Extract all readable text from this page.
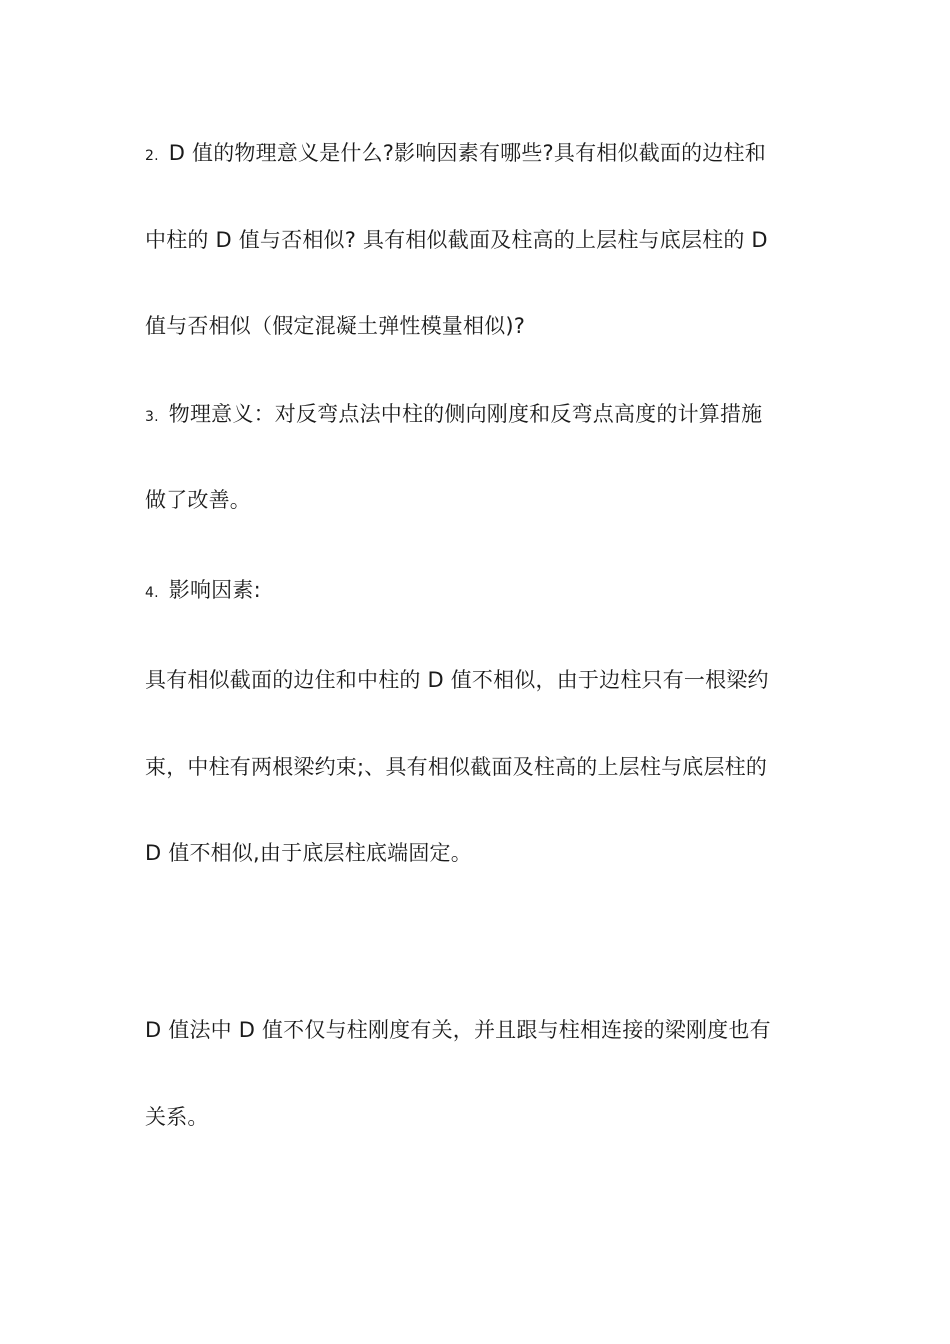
2. D 值的物理意义是什么?影响因素有哪些?具有相似截面的边柱和
中柱的 D 值与否相似? 具有相似截面及柱高的上层柱与底层柱的 D
值与否相似（假定混凝土弹性模量相似)?
3. 物理意义：对反弯点法中柱的侧向刚度和反弯点高度的计算措施
做了改善。
4. 影响因素:
具有相似截面的边住和中柱的 D 值不相似，由于边柱只有一根梁约
束，中柱有两根梁约束;、具有相似截面及柱高的上层柱与底层柱的
D 值不相似,由于底层柱底端固定。
D 值法中 D 值不仅与柱刚度有关，并且跟与柱相连接的梁刚度也有
关系。
